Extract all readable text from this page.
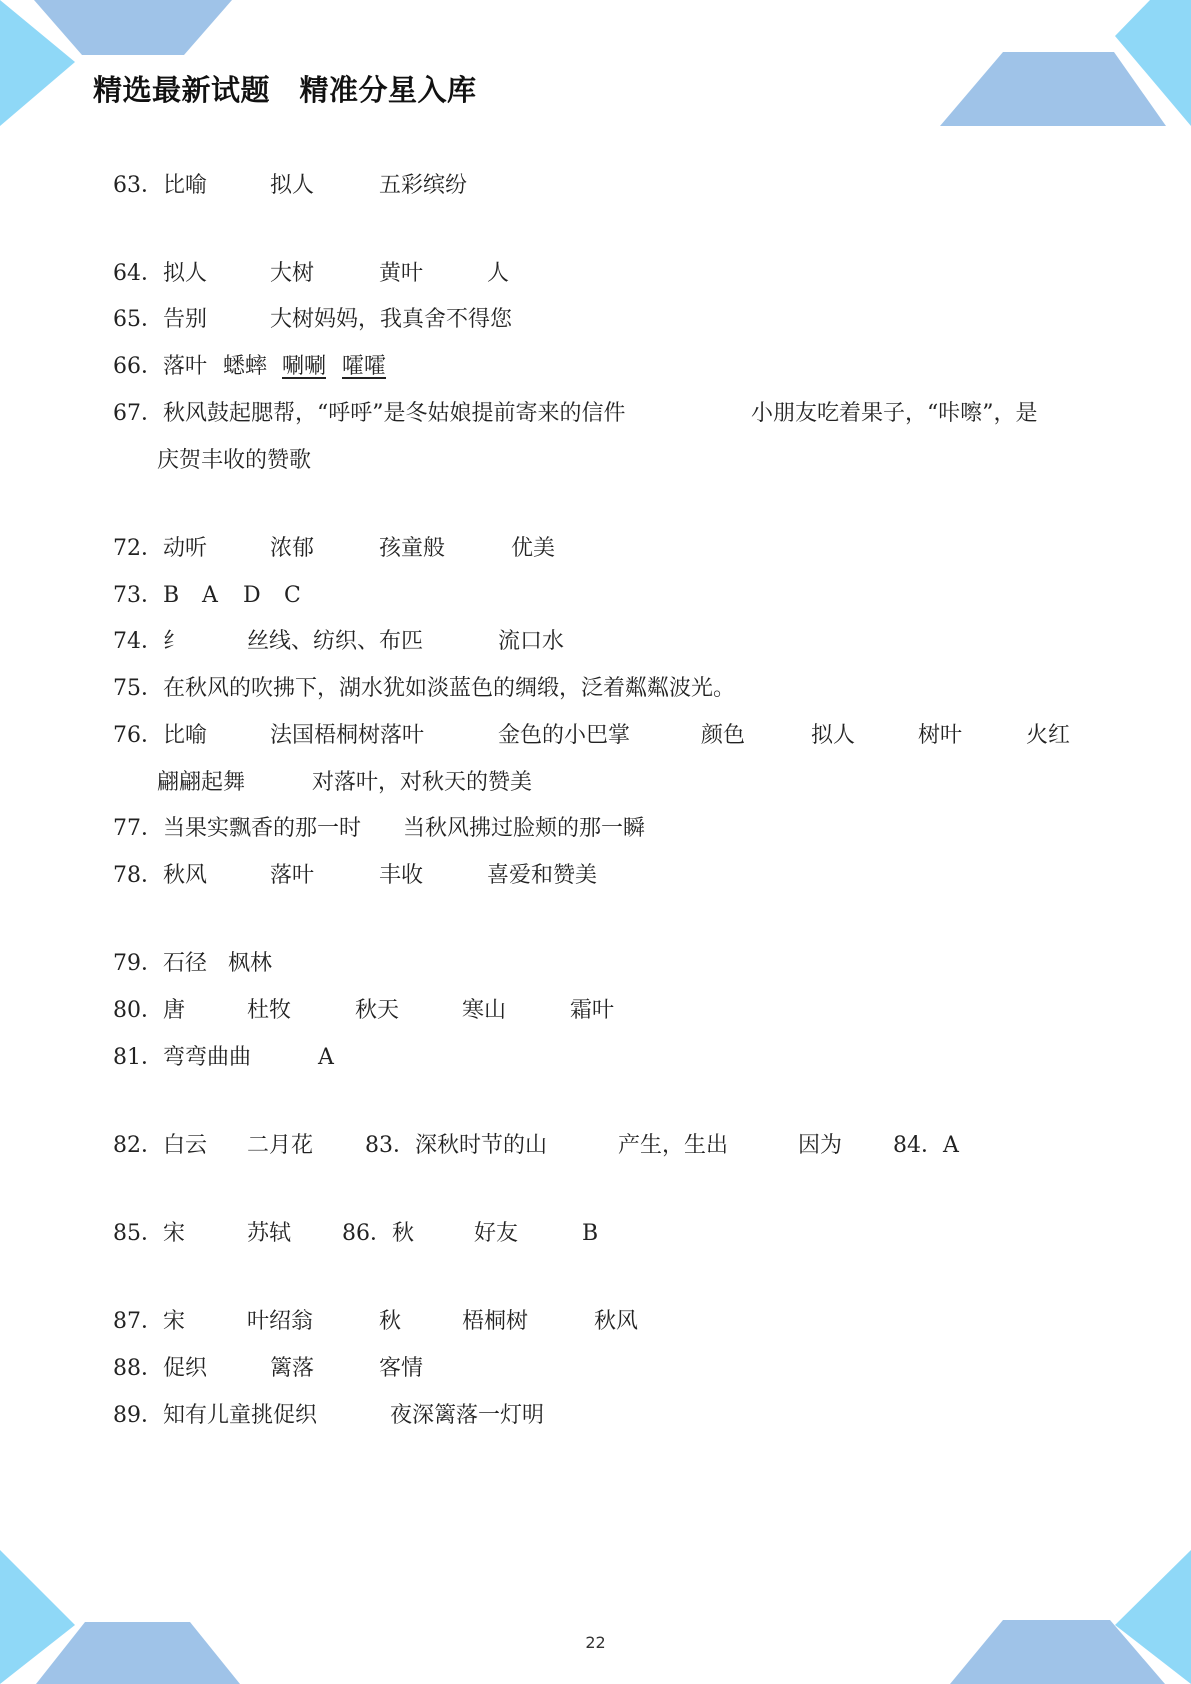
精选最新试题　精准分星入库
63．比喻	拟人	五彩缤纷
64．拟人	大树	黄叶	人
65．告别	大树妈妈，我真舍不得您
66．落叶 蟋蟀 唰唰 嚯嚯
67．秋风鼓起腮帮，“呼呼”是冬姑娘提前寄来的信件	小朋友吃着果子，“咔嚓”，是
庆贺丰收的赞歌
72．动听	浓郁	孩童般	优美
73．B A D C
74．纟	丝线、纺织、布匹	流口水
75．在秋风的吹拂下，湖水犹如淡蓝色的绸缎，泛着粼粼波光。
76．比喻	法国梧桐树落叶	金色的小巴掌	颜色	拟人	树叶	火红
翩翩起舞	对落叶，对秋天的赞美
77．当果实飘香的那一时 当秋风拂过脸颊的那一瞬
78．秋风	落叶	丰收	喜爱和赞美
79．石径 枫林
80．唐	杜牧	秋天	寒山	霜叶
81．弯弯曲曲	A
82．白云 二月花 83．深秋时节的山	产生，生出	因为 84．A
85．宋	苏轼 86．秋	好友	B
87．宋	叶绍翁	秋	梧桐树	秋风
88．促织	篱落	客情
89．知有儿童挑促织	夜深篱落一灯明
22
